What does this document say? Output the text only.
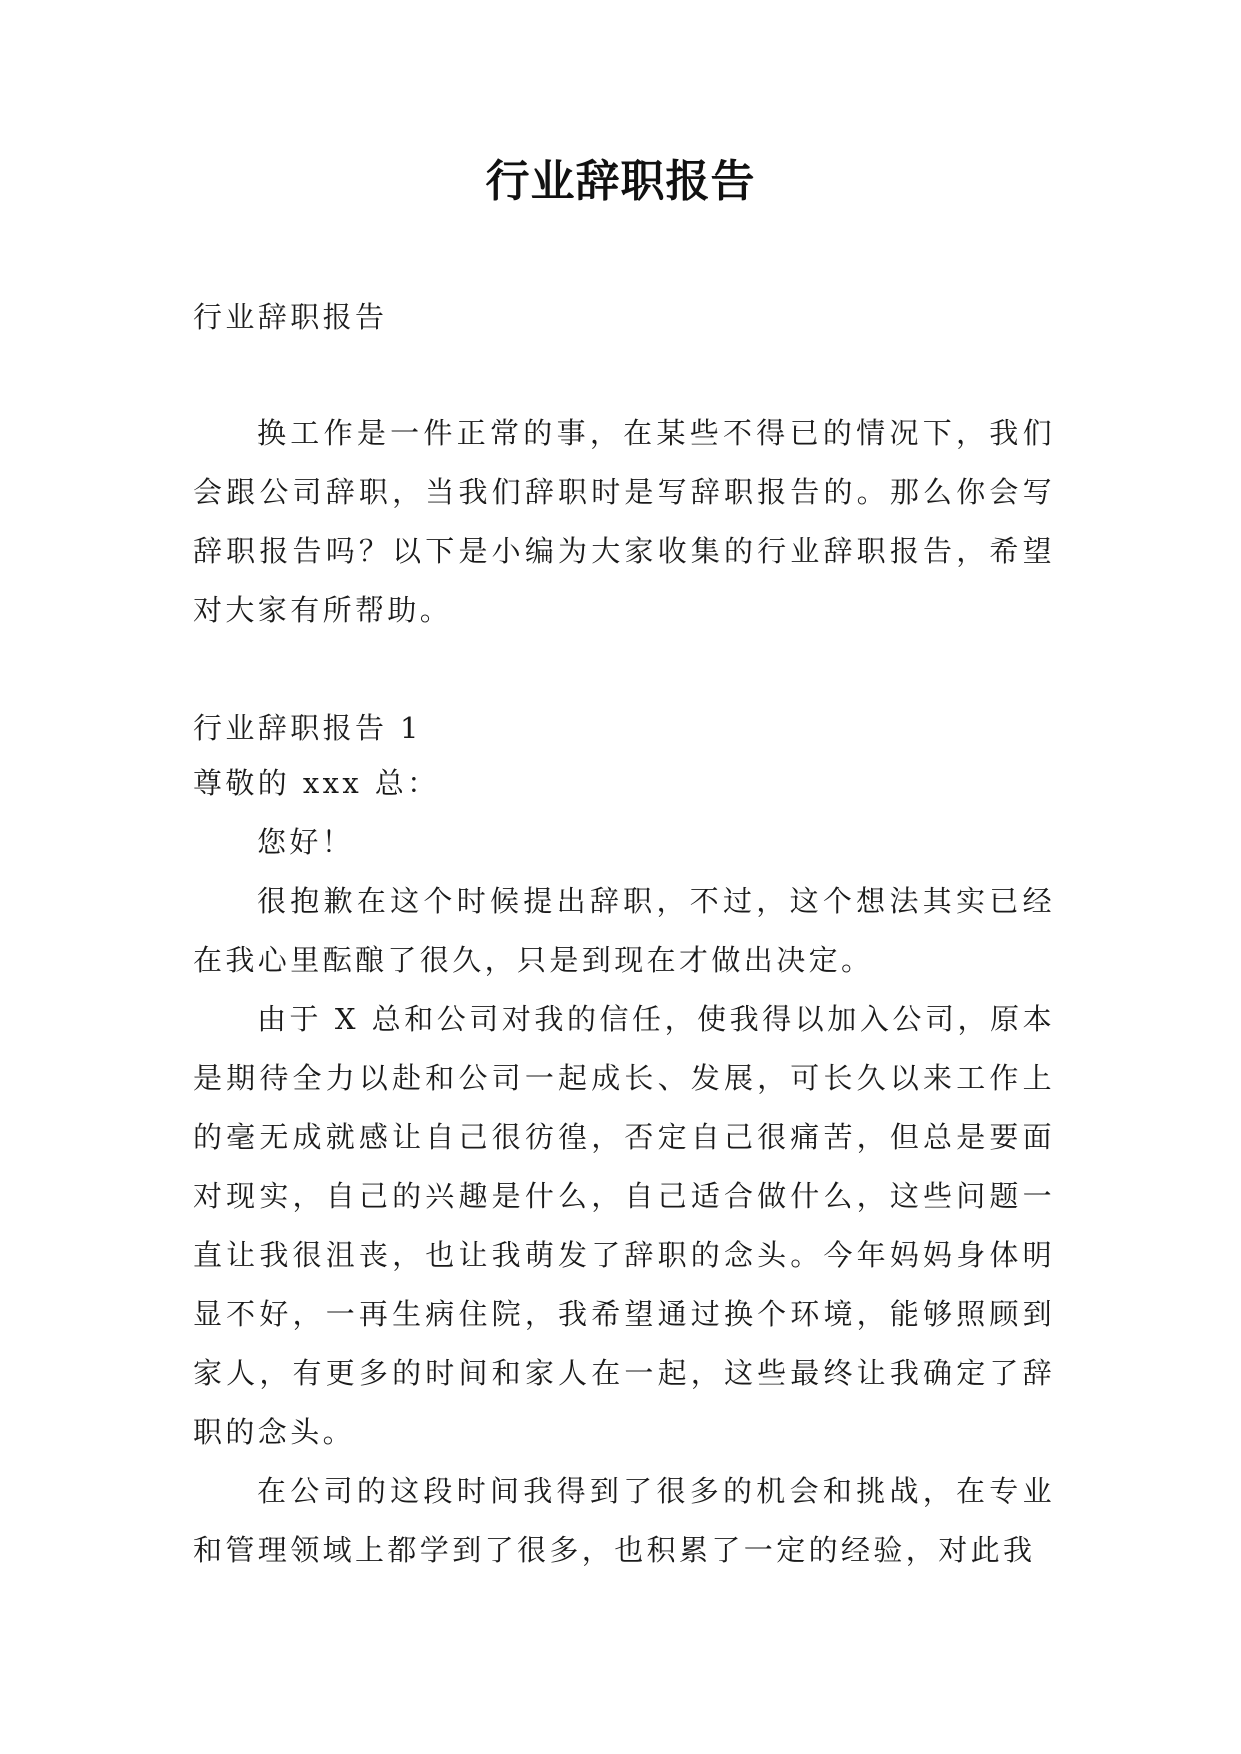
行业辞职报告
行业辞职报告

换工作是一件正常的事，在某些不得已的情况下，我们会跟公司辞职，当我们辞职时是写辞职报告的。那么你会写辞职报告吗？以下是小编为大家收集的行业辞职报告，希望对大家有所帮助。

行业辞职报告 1

尊敬的 xxx 总：

您好！

很抱歉在这个时候提出辞职，不过，这个想法其实已经在我心里酝酿了很久，只是到现在才做出决定。

由于 X 总和公司对我的信任，使我得以加入公司，原本是期待全力以赴和公司一起成长、发展，可长久以来工作上的毫无成就感让自己很彷徨，否定自己很痛苦，但总是要面对现实，自己的兴趣是什么，自己适合做什么，这些问题一直让我很沮丧，也让我萌发了辞职的念头。今年妈妈身体明显不好，一再生病住院，我希望通过换个环境，能够照顾到家人，有更多的时间和家人在一起，这些最终让我确定了辞职的念头。

在公司的这段时间我得到了很多的机会和挑战，在专业和管理领域上都学到了很多，也积累了一定的经验，对此我
